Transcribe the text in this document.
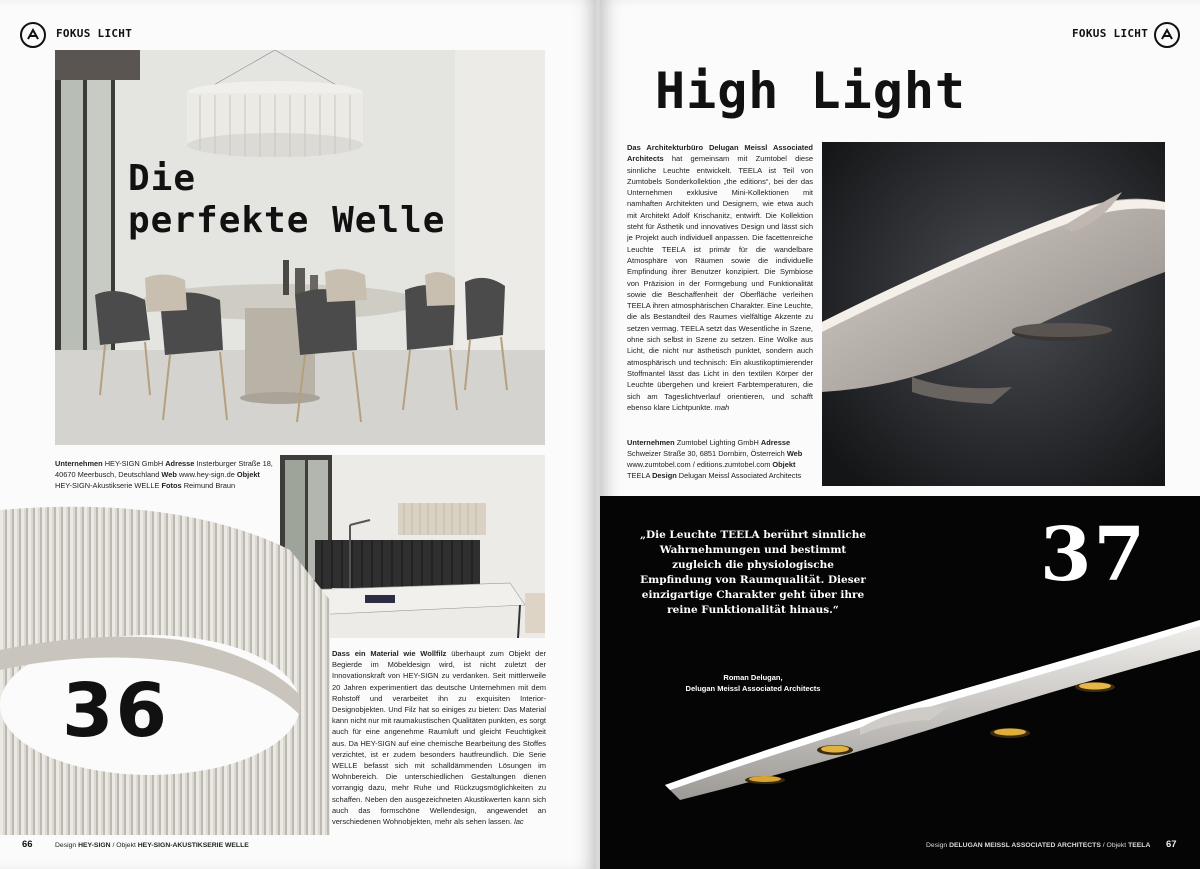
FOKUS LICHT
Die
perfekte Welle
Unternehmen HEY-SIGN GmbH Adresse Insterburger Straße 18, 40670 Meerbusch, Deutschland Web www.hey-sign.de Objekt HEY-SIGN-Akustikserie WELLE Fotos Reimund Braun
36
Dass ein Material wie Wollfilz überhaupt zum Objekt der Begierde im Möbeldesign wird, ist nicht zuletzt der Innovationskraft von HEY-SIGN zu verdanken. Seit mittlerweile 20 Jahren experimentiert das deutsche Unternehmen mit dem Rohstoff und verarbeitet ihn zu exquisiten Interior-Designobjekten. Und Filz hat so einiges zu bieten: Das Material kann nicht nur mit raumakustischen Qualitäten punkten, es sorgt auch für eine angenehme Raumluft und gleicht Feuchtigkeit aus. Da HEY-SIGN auf eine chemische Bearbeitung des Stoffes verzichtet, ist er zudem besonders hautfreundlich. Die Serie WELLE befasst sich mit schalldämmenden Lösungen im Wohnbereich. Die unterschiedlichen Gestaltungen dienen vorrangig dazu, mehr Ruhe und Rückzugsmöglichkeiten zu schaffen. Neben den ausgezeichneten Akustikwerten kann sich auch das formschöne Wellendesign, angewendet an verschiedenen Wohnobjekten, mehr als sehen lassen. lac
66	Design HEY-SIGN / Objekt HEY-SIGN-AKUSTIKSERIE WELLE
FOKUS LICHT
High Light
Das Architekturbüro Delugan Meissl Associated Architects hat gemeinsam mit Zumtobel diese sinnliche Leuchte entwickelt. TEELA ist Teil von Zumtobels Sonderkollektion „the editions“, bei der das Unternehmen exklusive Mini-Kollektionen mit namhaften Architekten und Designern, wie etwa auch mit Architekt Adolf Krischanitz, entwirft. Die Kollektion steht für Ästhetik und innovatives Design und lässt sich je Projekt auch individuell anpassen. Die facettenreiche Leuchte TEELA ist primär für die wandelbare Atmosphäre von Räumen sowie die individuelle Empfindung ihrer Benutzer konzipiert. Die Symbiose von Präzision in der Formgebung und Funktionalität sowie die Beschaffenheit der Oberfläche verleihen TEELA ihren atmosphärischen Charakter. Eine Leuchte, die als Bestandteil des Raumes vielfältige Akzente zu setzen vermag. TEELA setzt das Wesentliche in Szene, ohne sich selbst in Szene zu setzen. Eine Wolke aus Licht, die nicht nur ästhetisch punktet, sondern auch atmosphärisch und technisch: Ein akustikoptimierender Stoffmantel lässt das Licht in den textilen Körper der Leuchte übergehen und kreiert Farbtemperaturen, die sich am Tageslichtverlauf orientieren, und schafft ebenso klare Lichtpunkte. mah
Unternehmen Zumtobel Lighting GmbH Adresse Schweizer Straße 30, 6851 Dornbirn, Österreich Web www.zumtobel.com / editions.zumtobel.com Objekt TEELA Design Delugan Meissl Associated Architects
„Die Leuchte TEELA berührt sinnliche Wahrnehmungen und bestimmt zugleich die physiologische Empfindung von Raumqualität. Dieser einzigartige Charakter geht über ihre reine Funktionalität hinaus.“
Roman Delugan,
Delugan Meissl Associated Architects
37
Design DELUGAN MEISSL ASSOCIATED ARCHITECTS / Objekt TEELA 67
